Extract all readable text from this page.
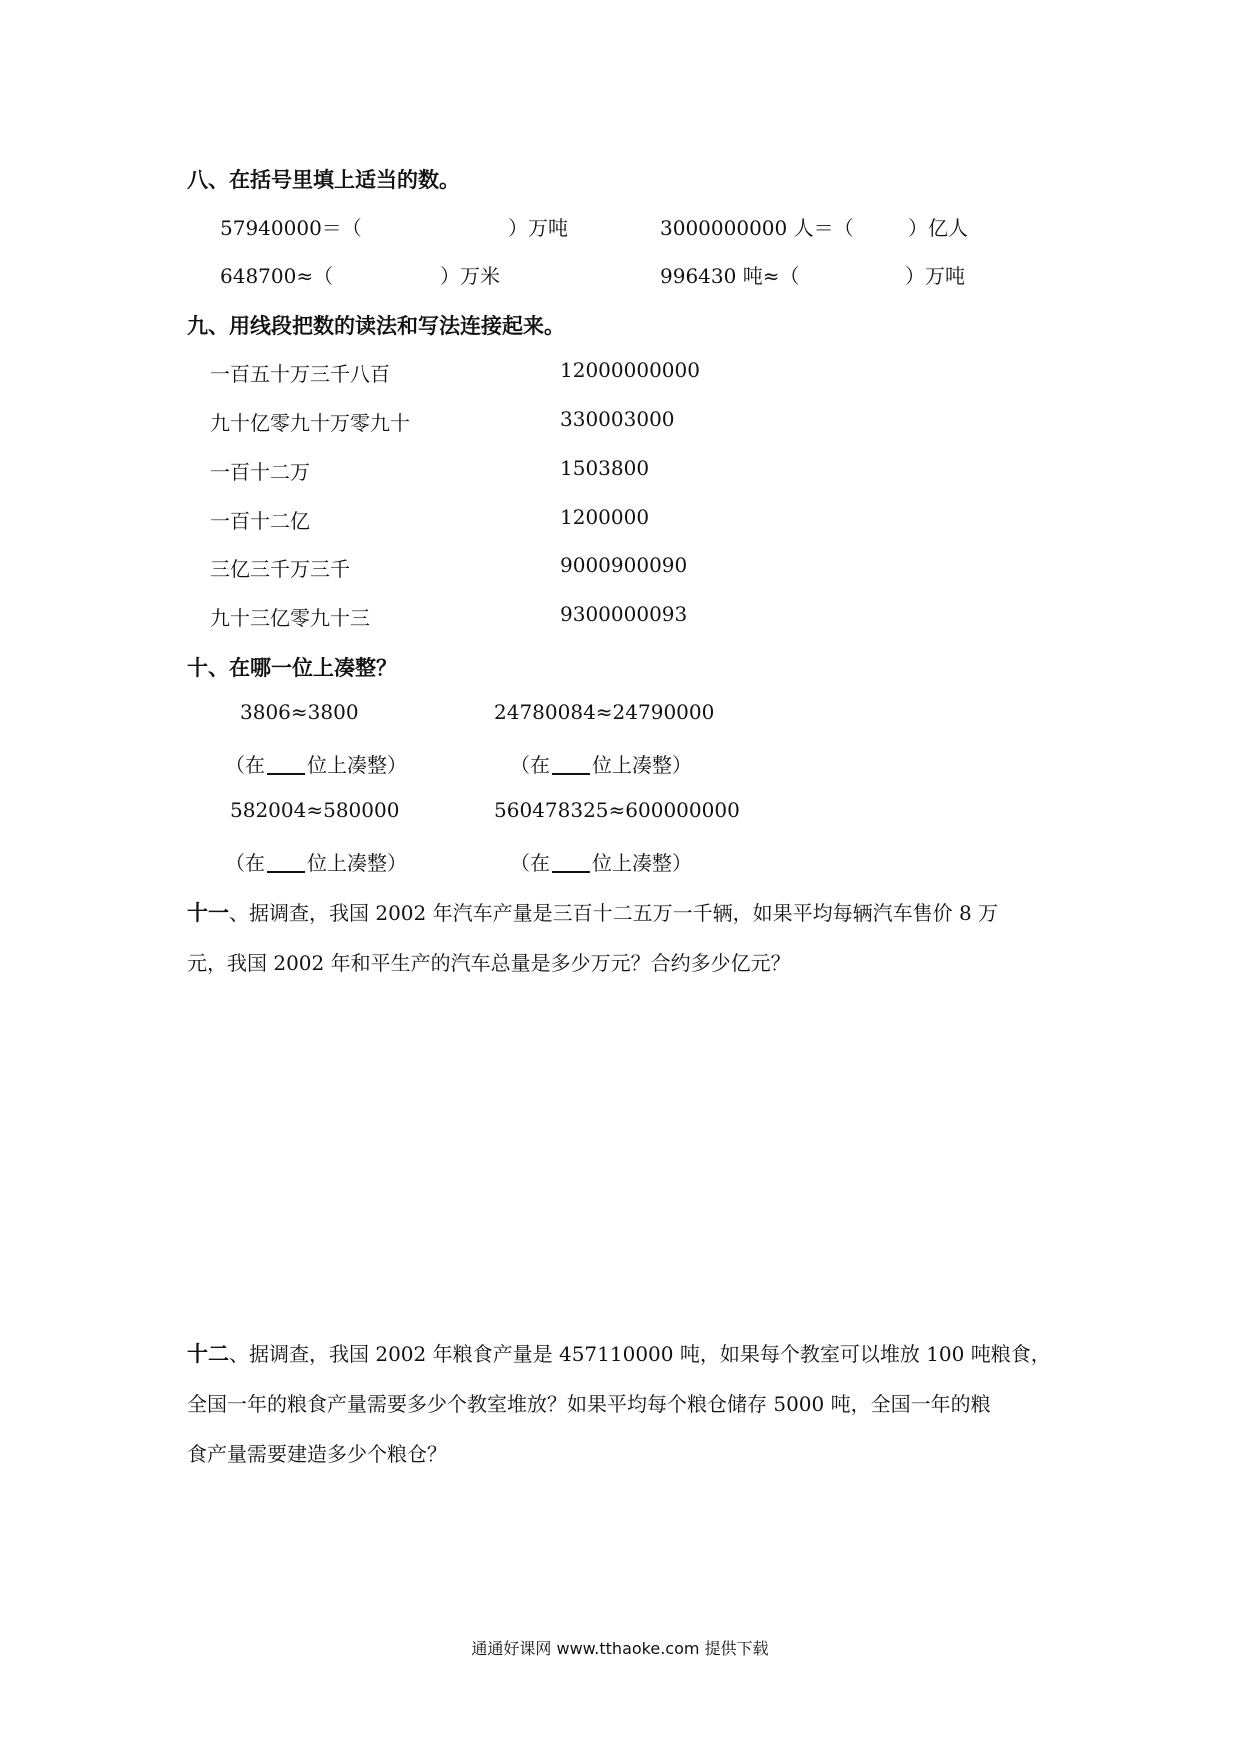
八、在括号里填上适当的数。
57940000＝（	）万吨	3000000000 人＝（	）亿人
648700≈（	）万米	996430 吨≈（	）万吨
九、用线段把数的读法和写法连接起来。
一百五十万三千八百	12000000000
九十亿零九十万零九十	330003000
一百十二万	1503800
一百十二亿	1200000
三亿三千万三千	9000900090
九十三亿零九十三	9300000093
十、在哪一位上凑整？
3806≈3800	24780084≈24790000
（在 位上凑整）	（在 位上凑整）
582004≈580000	560478325≈600000000
（在 位上凑整）	（在 位上凑整）
十一、据调查，我国 2002 年汽车产量是三百十二五万一千辆，如果平均每辆汽车售价 8 万
元，我国 2002 年和平生产的汽车总量是多少万元？合约多少亿元？
十二、据调查，我国 2002 年粮食产量是 457110000 吨，如果每个教室可以堆放 100 吨粮食，
全国一年的粮食产量需要多少个教室堆放？如果平均每个粮仓储存 5000 吨，全国一年的粮
食产量需要建造多少个粮仓？
通通好课网 www.tthaoke.com 提供下载
